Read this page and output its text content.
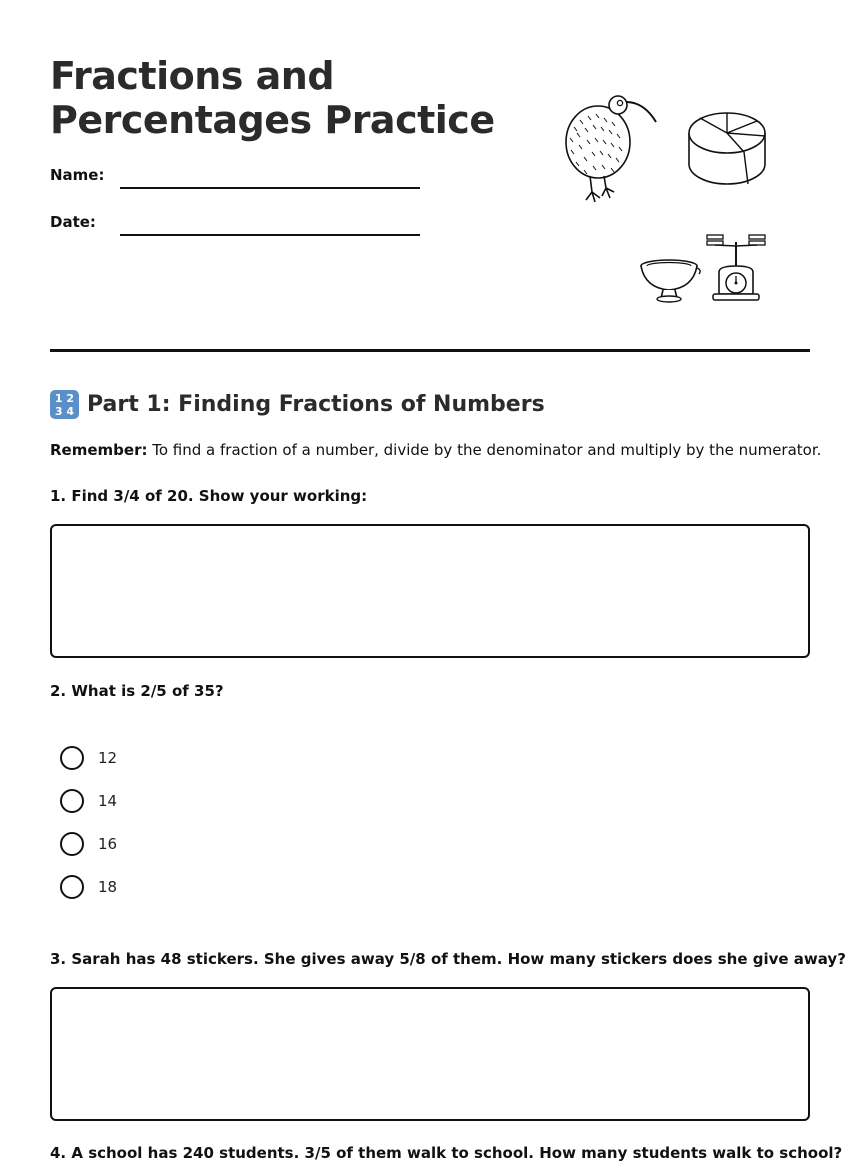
Fractions and
Percentages Practice
Name:
Date:
1 2
3 4 Part 1: Finding Fractions of Numbers
Remember: To find a fraction of a number, divide by the denominator and multiply by the numerator.
1. Find 3/4 of 20. Show your working:
2. What is 2/5 of 35?
12
14
16
18
3. Sarah has 48 stickers. She gives away 5/8 of them. How many stickers does she give away?
4. A school has 240 students. 3/5 of them walk to school. How many students walk to school?
